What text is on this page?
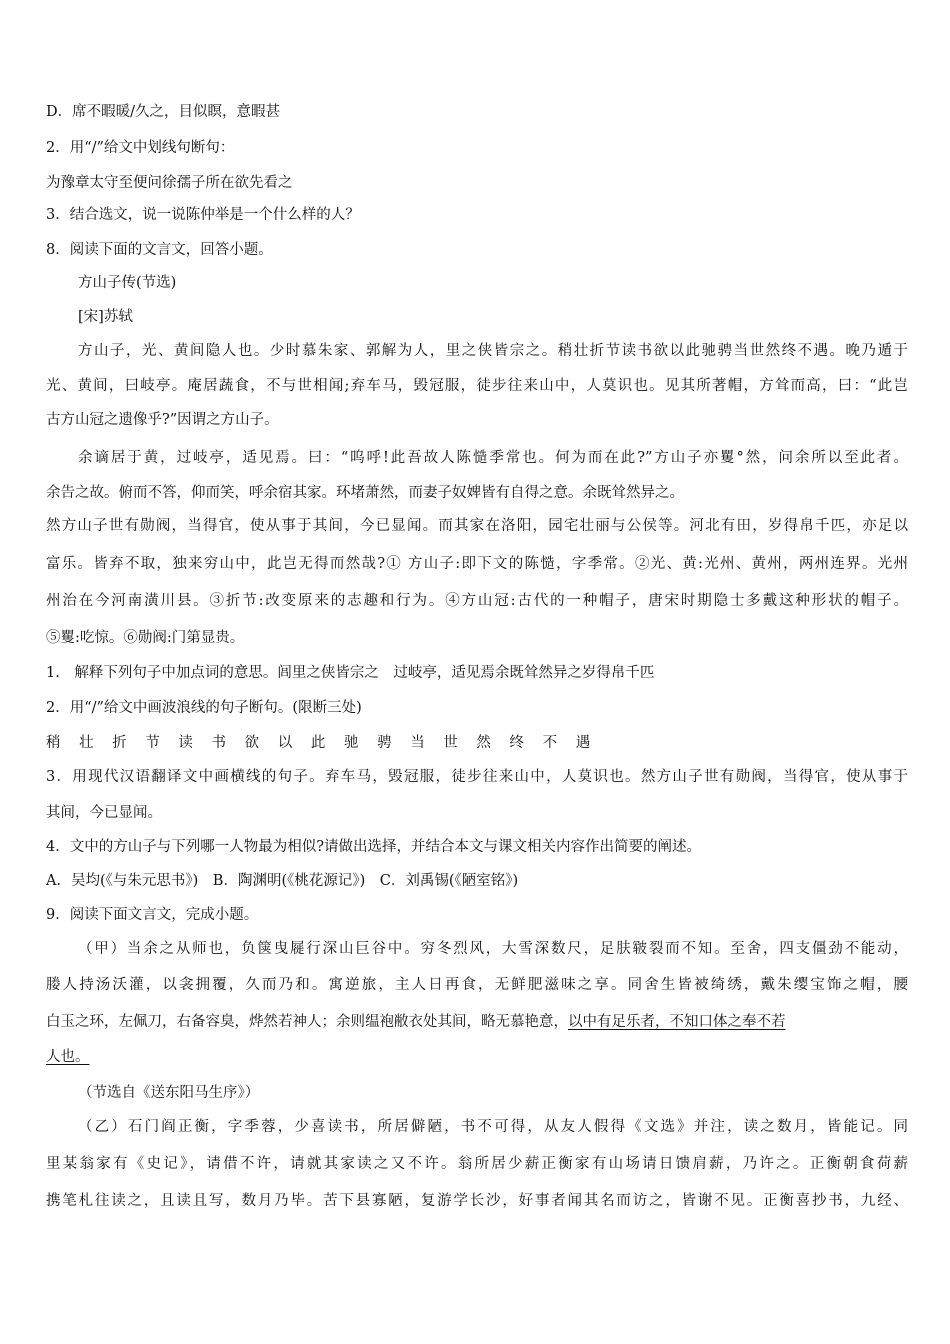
D．席不暇暖/久之，目似瞑，意暇甚
2．用“/”给文中划线句断句：
为豫章太守至便问徐孺子所在欲先看之
3．结合选文，说一说陈仲举是一个什么样的人？
8．阅读下面的文言文，回答小题。
方山子传(节选)
[宋]苏轼
方山子，光、黄间隐人也。少时慕朱家、郭解为人，里之侠皆宗之。稍壮折节读书欲以此驰骋当世然终不遇。晚乃遁于
光、黄间，曰岐亭。庵居蔬食，不与世相闻;弃车马，毁冠服，徒步往来山中，人莫识也。见其所著帽，方耸而高，曰：“此岂
古方山冠之遗像乎?”因谓之方山子。
余谪居于黄，过岐亭，适见焉。曰：“呜呼!此吾故人陈慥季常也。何为而在此?”方山子亦矍°然，问余所以至此者。
余告之故。俯而不答，仰而笑，呼余宿其家。环堵萧然，而妻子奴婢皆有自得之意。余既耸然异之。
然方山子世有勋阀，当得官，使从事于其间，今已显闻。而其家在洛阳，园宅壮丽与公侯等。河北有田，岁得帛千匹，亦足以
富乐。皆弃不取，独来穷山中，此岂无得而然哉?① 方山子:即下文的陈慥，字季常。②光、黄:光州、黄州，两州连界。光州
州治在今河南潢川县。③折节:改变原来的志趣和行为。④方山冠:古代的一种帽子，唐宋时期隐士多戴这种形状的帽子。
⑤矍:吃惊。⑥勋阀:门第显贵。
1.　解释下列句子中加点词的意思。闾里之侠皆宗之　过岐亭，适见焉余既耸然异之岁得帛千匹
2．用“/”给文中画波浪线的句子断句。(限断三处)
稍 壮 折 节 读 书 欲 以 此 驰 骋 当 世 然 终 不 遇
3．用现代汉语翻译文中画横线的句子。弃车马，毁冠服，徒步往来山中，人莫识也。然方山子世有勋阀，当得官，使从事于
其间，今已显闻。
4．文中的方山子与下列哪一人物最为相似?请做出选择，并结合本文与课文相关内容作出简要的阐述。
A．吴均(《与朱元思书》)　B．陶渊明(《桃花源记》)　C．刘禹锡(《陋室铭》)
9．阅读下面文言文，完成小题。
（甲）当余之从师也，负箧曳屣行深山巨谷中。穷冬烈风，大雪深数尺，足肤皲裂而不知。至舍，四支僵劲不能动，
媵人持汤沃灌，以衾拥覆，久而乃和。寓逆旅，主人日再食，无鲜肥滋味之享。同舍生皆被绮绣，戴朱缨宝饰之帽，腰
白玉之环，左佩刀，右备容臭，烨然若神人；余则缊袍敝衣处其间，略无慕艳意，以中有足乐者，不知口体之奉不若
人也。
（节选自《送东阳马生序》）
（乙）石门阎正衡，字季蓉，少喜读书，所居僻陋，书不可得，从友人假得《文选》并注，读之数月，皆能记。同
里某翁家有《史记》，请借不许，请就其家读之又不许。翁所居少薪正衡家有山场请日馈肩薪，乃许之。正衡朝食荷薪
携笔札往读之，且读且写，数月乃毕。苦下县寡陋，复游学长沙，好事者闻其名而访之，皆谢不见。正衡喜抄书，九经、
